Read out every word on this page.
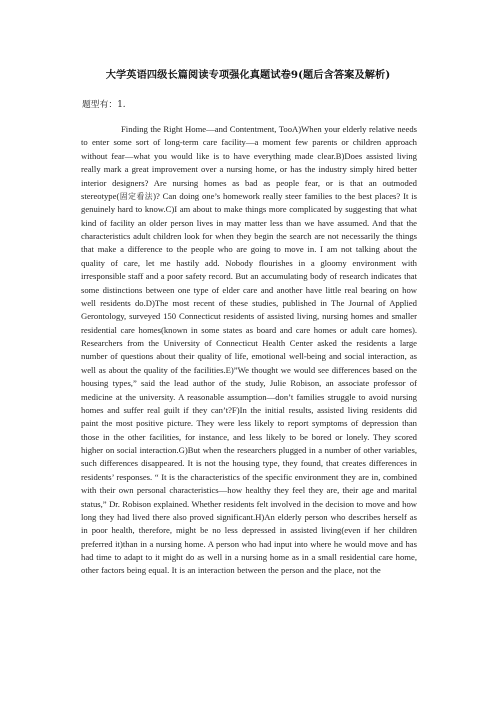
大学英语四级长篇阅读专项强化真题试卷9(题后含答案及解析)
题型有：1.

Finding the Right Home—and Contentment, TooA)When your elderly relative needs to enter some sort of long-term care facility—a moment few parents or children approach without fear—what you would like is to have everything made clear.B)Does assisted living really mark a great improvement over a nursing home, or has the industry simply hired better interior designers? Are nursing homes as bad as people fear, or is that an outmoded stereotype(固定看法)? Can doing one’s homework really steer families to the best places? It is genuinely hard to know.C)I am about to make things more complicated by suggesting that what kind of facility an older person lives in may matter less than we have assumed. And that the characteristics adult children look for when they begin the search are not necessarily the things that make a difference to the people who are going to move in. I am not talking about the quality of care, let me hastily add. Nobody flourishes in a gloomy environment with irresponsible staff and a poor safety record. But an accumulating body of research indicates that some distinctions between one type of elder care and another have little real bearing on how well residents do.D)The most recent of these studies, published in The Journal of Applied Gerontology, surveyed 150 Connecticut residents of assisted living, nursing homes and smaller residential care homes(known in some states as board and care homes or adult care homes). Researchers from the University of Connecticut Health Center asked the residents a large number of questions about their quality of life, emotional well-being and social interaction, as well as about the quality of the facilities.E)”We thought we would see differences based on the housing types,” said the lead author of the study, Julie Robison, an associate professor of medicine at the university. A reasonable assumption—don’t families struggle to avoid nursing homes and suffer real guilt if they can’t?F)In the initial results, assisted living residents did paint the most positive picture. They were less likely to report symptoms of depression than those in the other facilities, for instance, and less likely to be bored or lonely. They scored higher on social interaction.G)But when the researchers plugged in a number of other variables, such differences disappeared. It is not the housing type, they found, that creates differences in residents’ responses. “ It is the characteristics of the specific environment they are in, combined with their own personal characteristics—how healthy they feel they are, their age and marital status,” Dr. Robison explained. Whether residents felt involved in the decision to move and how long they had lived there also proved significant.H)An elderly person who describes herself as in poor health, therefore, might be no less depressed in assisted living(even if her children preferred it)than in a nursing home. A person who had input into where he would move and has had time to adapt to it might do as well in a nursing home as in a small residential care home, other factors being equal. It is an interaction between the person and the place, not the
